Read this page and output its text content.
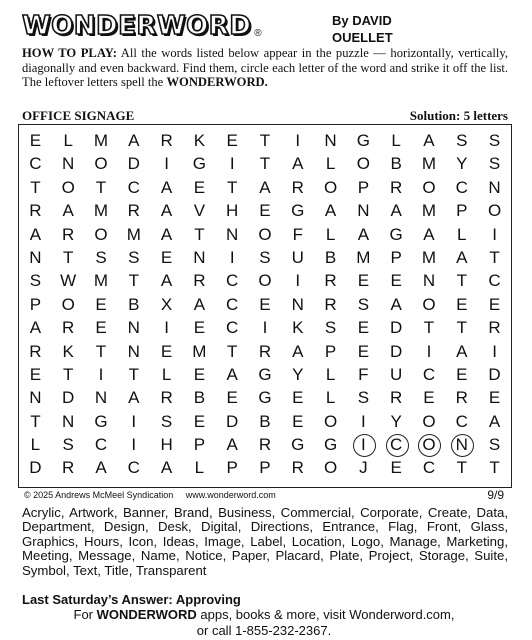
WONDERWORD ®
By DAVID
OUELLET
HOW TO PLAY: All the words listed below appear in the puzzle — horizontally, vertically, diagonally and even backward. Find them, circle each letter of the word and strike it off the list. The leftover letters spell the WONDERWORD.
OFFICE SIGNAGE	Solution: 5 letters
E	L	M	A	R	K	E	T	I	N	G	L	A	S	S
C	N	O	D	I	G	I	T	A	L	O	B	M	Y	S
T	O	T	C	A	E	T	A	R	O	P	R	O	C	N
R	A	M	R	A	V	H	E	G	A	N	A	M	P	O
A	R	O	M	A	T	N	O	F	L	A	G	A	L	I
N	T	S	S	E	N	I	S	U	B	M	P	M	A	T
S	W	M	T	A	R	C	O	I	R	E	E	N	T	C
P	O	E	B	X	A	C	E	N	R	S	A	O	E	E
A	R	E	N	I	E	C	I	K	S	E	D	T	T	R
R	K	T	N	E	M	T	R	A	P	E	D	I	A	I
E	T	I	T	L	E	A	G	Y	L	F	U	C	E	D
N	D	N	A	R	B	E	G	E	L	S	R	E	R	E
T	N	G	I	S	E	D	B	E	O	I	Y	O	C	A
L	S	C	I	H	P	A	R	G	G	I	C	O	N	S
D	R	A	C	A	L	P	P	R	O	J	E	C	T	T
© 2025 Andrews McMeel Syndication www.wonderword.com	9/9
Acrylic, Artwork, Banner, Brand, Business, Commercial, Corporate, Create, Data, Department, Design, Desk, Digital, Directions, Entrance, Flag, Front, Glass, Graphics, Hours, Icon, Ideas, Image, Label, Location, Logo, Manage, Marketing, Meeting, Message, Name, Notice, Paper, Placard, Plate, Project, Storage, Suite, Symbol, Text, Title, Transparent
Last Saturday’s Answer: Approving
For WONDERWORD apps, books & more, visit Wonderword.com,
or call 1-855-232-2367.
